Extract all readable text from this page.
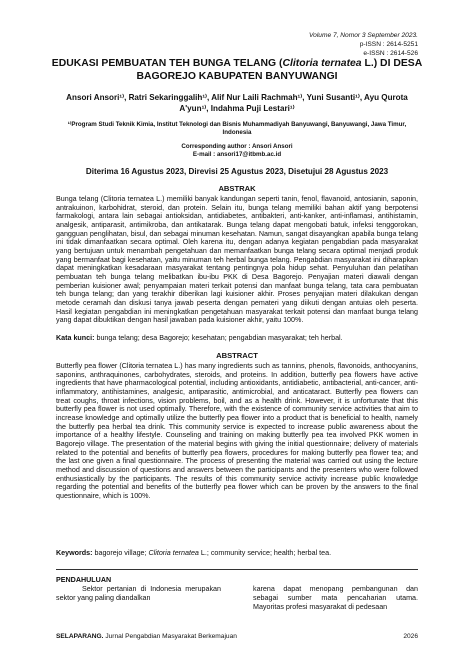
Volume 7, Nomor 3 September 2023.
p-ISSN : 2614-5251
e-ISSN : 2614-526
EDUKASI PEMBUATAN TEH BUNGA TELANG (Clitoria ternatea L.) DI DESA BAGOREJO KABUPATEN BANYUWANGI
Ansori Ansori¹⁾, Ratri Sekaringgalih¹⁾, Alif Nur Laili Rachmah¹⁾, Yuni Susanti¹⁾, Ayu Qurota A'yun¹⁾, Indahma Puji Lestari¹⁾
¹⁾Program Studi Teknik Kimia, Institut Teknologi dan Bisnis Muhammadiyah Banyuwangi, Banyuwangi, Jawa Timur, Indonesia
Corresponding author : Ansori Ansori
E-mail : ansori17@itbmb.ac.id
Diterima 16 Agustus 2023, Direvisi 25 Agustus 2023, Disetujui 28 Agustus 2023
ABSTRAK

Bunga telang (Clitoria ternatea L.) memiliki banyak kandungan seperti tanin, fenol, flavanoid, antosianin, saponin, antrakuinon, karbohidrat, steroid, dan protein. Selain itu, bunga telang memiliki bahan aktif yang berpotensi farmakologi, antara lain sebagai antioksidan, antidiabetes, antibakteri, anti-kanker, anti-inflamasi, antihistamin, analgesik, antiparasit, antimikroba, dan antikatarak. Bunga telang dapat mengobati batuk, infeksi tenggorokan, gangguan penglihatan, bisul, dan sebagai minuman kesehatan. Namun, sangat disayangkan apabila bunga telang ini tidak dimanfaatkan secara optimal. Oleh karena itu, dengan adanya kegiatan pengabdian pada masyarakat yang bertujuan untuk menambah pengetahuan dan memanfaatkan bunga telang secara optimal menjadi produk yang bermanfaat bagi kesehatan, yaitu minuman teh herbal bunga telang. Pengabdian masyarakat ini diharapkan dapat meningkatkan kesadaraan masyarakat tentang pentingnya pola hidup sehat. Penyuluhan dan pelatihan pembuatan teh bunga telang melibatkan ibu-ibu PKK di Desa Bagorejo. Penyajian materi diawali dengan pemberian kuisioner awal; penyampaian materi terkait potensi dan manfaat bunga telang, tata cara pembuatan teh bunga telang; dan yang terakhir diberikan lagi kuisioner akhir. Proses penyajian materi dilakukan dengan metode ceramah dan diskusi tanya jawab peserta dengan pemateri yang diikuti dengan antuias oleh peserta. Hasil kegiatan pengabdian ini meningkatkan pengetahuan masyarakat terkait potensi dan manfaat bunga telang yang dapat dibuktikan dengan hasil jawaban pada kuisioner akhir, yaitu 100%.

Kata kunci: bunga telang; desa Bagorejo; kesehatan; pengabdian masyarakat; teh herbal.

ABSTRACT

Butterfly pea flower (Clitoria ternatea L.) has many ingredients such as tannins, phenols, flavonoids, anthocyanins, saponins, anthraquinones, carbohydrates, steroids, and proteins. In addition, butterfly pea flowers have active ingredients that have pharmacological potential, including antioxidants, antidiabetic, antibacterial, anti-cancer, anti-inflammatory, antihistamines, analgesic, antiparasitic, antimicrobial, and anticataract. Butterfly pea flowers can treat coughs, throat infections, vision problems, boil, and as a health drink. However, it is unfortunate that this butterfly pea flower is not used optimally. Therefore, with the existence of community service activities that aim to increase knowledge and optimally utilize the butterfly pea flower into a product that is beneficial to health, namely the butterfly pea herbal tea drink. This community service is expected to increase public awareness about the importance of a healthy lifestyle. Counseling and training on making butterfly pea tea involved PKK women in Bagorejo village. The presentation of the material begins with giving the initial questionnaire; delivery of materials related to the potential and benefits of butterfly pea flowers, procedures for making butterfly pea flower tea; and the last one given a final questionnaire. The process of presenting the material was carried out using the lecture method and discussion of questions and answers between the participants and the presenters who were followed enthusiastically by the participants. The results of this community service activity increase public knowledge regarding the potential and benefits of the butterfly pea flower which can be proven by the answers to the final questionnaire, which is 100%.

Keywords: bagorejo village; Clitoria ternatea L.; community service; health; herbal tea.

PENDAHULUAN
Sektor pertanian di Indonesia merupakan sektor yang paling diandalkan

karena dapat menopang pembangunan dan sebagai sumber mata pencaharian utama. Mayoritas profesi masyarakat di pedesaan

SELAPARANG. Jurnal Pengabdian Masyarakat Berkemajuan	2026
